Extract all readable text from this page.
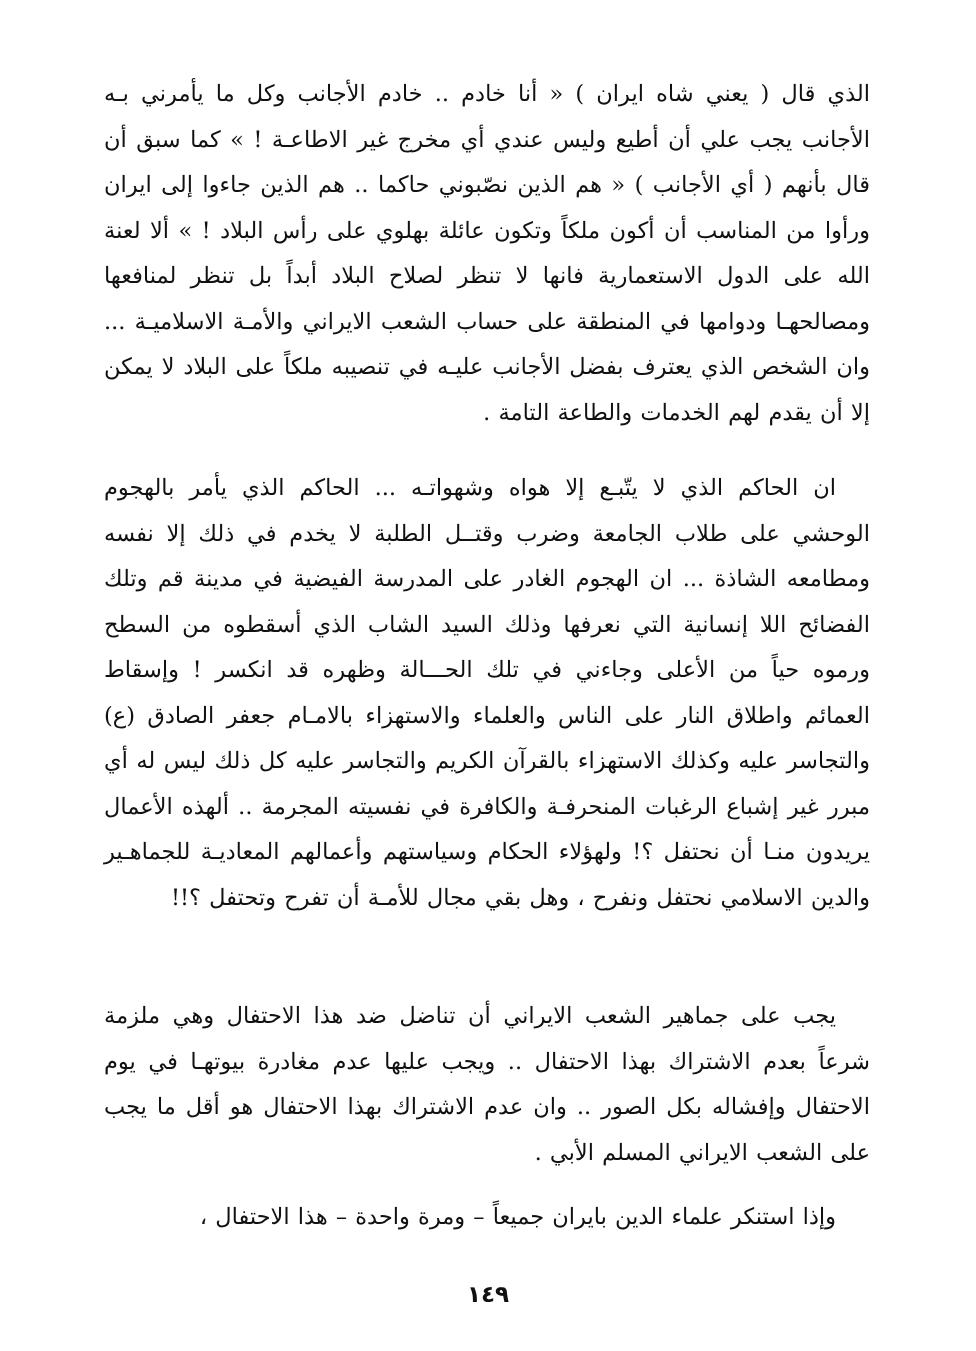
الذي قال ( يعني شاه ايران ) « أنا خادم .. خادم الأجانب وكل ما يأمرني بـه الأجانب يجب علي أن أطيع وليس عندي أي مخرج غير الاطاعـة ! » كما سبق أن قال بأنهم ( أي الأجانب ) « هم الذين نصّبوني حاكما .. هم الذين جاءوا إلى ايران ورأوا من المناسب أن أكون ملكاً وتكون عائلة بهلوي على رأس البلاد ! » ألا لعنة الله على الدول الاستعمارية فانها لا تنظر لصلاح البلاد أبداً بل تنظر لمنافعها ومصالحهـا ودوامها في المنطقة على حساب الشعب الايراني والأمـة الاسلاميـة ... وان الشخص الذي يعترف بفضل الأجانب عليـه في تنصيبه ملكاً على البلاد لا يمكن إلا أن يقدم لهم الخدمات والطاعة التامة .

ان الحاكم الذي لا يتّبـع إلا هواه وشهواتـه ... الحاكم الذي يأمر بالهجوم الوحشي على طلاب الجامعة وضرب وقتــل الطلبة لا يخدم في ذلك إلا نفسه ومطامعه الشاذة ... ان الهجوم الغادر على المدرسة الفيضية في مدينة قم وتلك الفضائح اللا إنسانية التي نعرفها وذلك السيد الشاب الذي أسقطوه من السطح ورموه حياً من الأعلى وجاءني في تلك الحـــالة وظهره قد انكسر ! وإسقاط العمائم واطلاق النار على الناس والعلماء والاستهزاء بالامـام جعفر الصادق (ع) والتجاسر عليه وكذلك الاستهزاء بالقرآن الكريم والتجاسر عليه كل ذلك ليس له أي مبرر غير إشباع الرغبات المنحرفـة والكافرة في نفسيته المجرمة .. ألهذه الأعمال يريدون منـا أن نحتفل ؟! ولهؤلاء الحكام وسياستهم وأعمالهم المعاديـة للجماهـير والدين الاسلامي نحتفل ونفرح ، وهل بقي مجال للأمـة أن تفرح وتحتفل ؟!!

يجب على جماهير الشعب الايراني أن تناضل ضد هذا الاحتفال وهي ملزمة شرعاً بعدم الاشتراك بهذا الاحتفال .. ويجب عليها عدم مغادرة بيوتهـا في يوم الاحتفال وإفشاله بكل الصور .. وان عدم الاشتراك بهذا الاحتفال هو أقل ما يجب على الشعب الايراني المسلم الأبي .

وإذا استنكر علماء الدين بايران جميعاً – ومرة واحدة – هذا الاحتفال ،

١٤٩
